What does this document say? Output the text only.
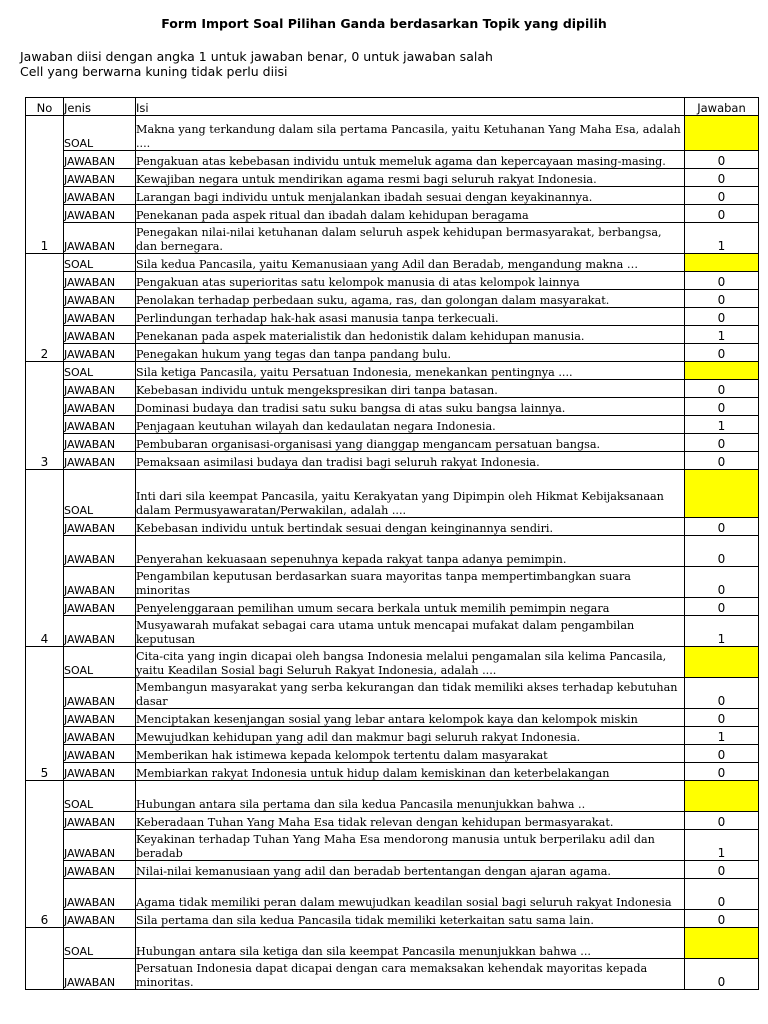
Form Import Soal Pilihan Ganda berdasarkan Topik yang dipilih
Jawaban diisi dengan angka 1 untuk jawaban benar, 0 untuk jawaban salah
Cell yang berwarna kuning tidak perlu diisi
No	Jenis	Isi	Jawaban
1	SOAL	Makna yang terkandung dalam sila pertama Pancasila, yaitu Ketuhanan Yang Maha Esa, adalah ....	
	JAWABAN	Pengakuan atas kebebasan individu untuk memeluk agama dan kepercayaan masing-masing.	0
	JAWABAN	Kewajiban negara untuk mendirikan agama resmi bagi seluruh rakyat Indonesia.	0
	JAWABAN	Larangan bagi individu untuk menjalankan ibadah sesuai dengan keyakinannya.	0
	JAWABAN	Penekanan pada aspek ritual dan ibadah dalam kehidupan beragama	0
	JAWABAN	Penegakan nilai-nilai ketuhanan dalam seluruh aspek kehidupan bermasyarakat, berbangsa, dan bernegara.	1
2	SOAL	Sila kedua Pancasila, yaitu Kemanusiaan yang Adil dan Beradab, mengandung makna …	
	JAWABAN	Pengakuan atas superioritas satu kelompok manusia di atas kelompok lainnya	0
	JAWABAN	Penolakan terhadap perbedaan suku, agama, ras, dan golongan dalam masyarakat.	0
	JAWABAN	Perlindungan terhadap hak-hak asasi manusia tanpa terkecuali.	0
	JAWABAN	Penekanan pada aspek materialistik dan hedonistik dalam kehidupan manusia.	1
	JAWABAN	Penegakan hukum yang tegas dan tanpa pandang bulu.	0
3	SOAL	Sila ketiga Pancasila, yaitu Persatuan Indonesia, menekankan pentingnya ....	
	JAWABAN	Kebebasan individu untuk mengekspresikan diri tanpa batasan.	0
	JAWABAN	Dominasi budaya dan tradisi satu suku bangsa di atas suku bangsa lainnya.	0
	JAWABAN	Penjagaan keutuhan wilayah dan kedaulatan negara Indonesia.	1
	JAWABAN	Pembubaran organisasi-organisasi yang dianggap mengancam persatuan bangsa.	0
	JAWABAN	Pemaksaan asimilasi budaya dan tradisi bagi seluruh rakyat Indonesia.	0
4	SOAL	Inti dari sila keempat Pancasila, yaitu Kerakyatan yang Dipimpin oleh Hikmat Kebijaksanaan dalam Permusyawaratan/Perwakilan, adalah ....	
	JAWABAN	Kebebasan individu untuk bertindak sesuai dengan keinginannya sendiri.	0
	JAWABAN	Penyerahan kekuasaan sepenuhnya kepada rakyat tanpa adanya pemimpin.	0
	JAWABAN	Pengambilan keputusan berdasarkan suara mayoritas tanpa mempertimbangkan suara minoritas	0
	JAWABAN	Penyelenggaraan pemilihan umum secara berkala untuk memilih pemimpin negara	0
	JAWABAN	Musyawarah mufakat sebagai cara utama untuk mencapai mufakat dalam pengambilan keputusan	1
5	SOAL	Cita-cita yang ingin dicapai oleh bangsa Indonesia melalui pengamalan sila kelima Pancasila, yaitu Keadilan Sosial bagi Seluruh Rakyat Indonesia, adalah ....	
	JAWABAN	Membangun masyarakat yang serba kekurangan dan tidak memiliki akses terhadap kebutuhan dasar	0
	JAWABAN	Menciptakan kesenjangan sosial yang lebar antara kelompok kaya dan kelompok miskin	0
	JAWABAN	Mewujudkan kehidupan yang adil dan makmur bagi seluruh rakyat Indonesia.	1
	JAWABAN	Memberikan hak istimewa kepada kelompok tertentu dalam masyarakat	0
	JAWABAN	Membiarkan rakyat Indonesia untuk hidup dalam kemiskinan dan keterbelakangan	0
6	SOAL	Hubungan antara sila pertama dan sila kedua Pancasila menunjukkan bahwa ..	
	JAWABAN	Keberadaan Tuhan Yang Maha Esa tidak relevan dengan kehidupan bermasyarakat.	0
	JAWABAN	Keyakinan terhadap Tuhan Yang Maha Esa mendorong manusia untuk berperilaku adil dan beradab	1
	JAWABAN	Nilai-nilai kemanusiaan yang adil dan beradab bertentangan dengan ajaran agama.	0
	JAWABAN	Agama tidak memiliki peran dalam mewujudkan keadilan sosial bagi seluruh rakyat Indonesia	0
	JAWABAN	Sila pertama dan sila kedua Pancasila tidak memiliki keterkaitan satu sama lain.	0
	SOAL	Hubungan antara sila ketiga dan sila keempat Pancasila menunjukkan bahwa ...	
	JAWABAN	Persatuan Indonesia dapat dicapai dengan cara memaksakan kehendak mayoritas kepada minoritas.	0
